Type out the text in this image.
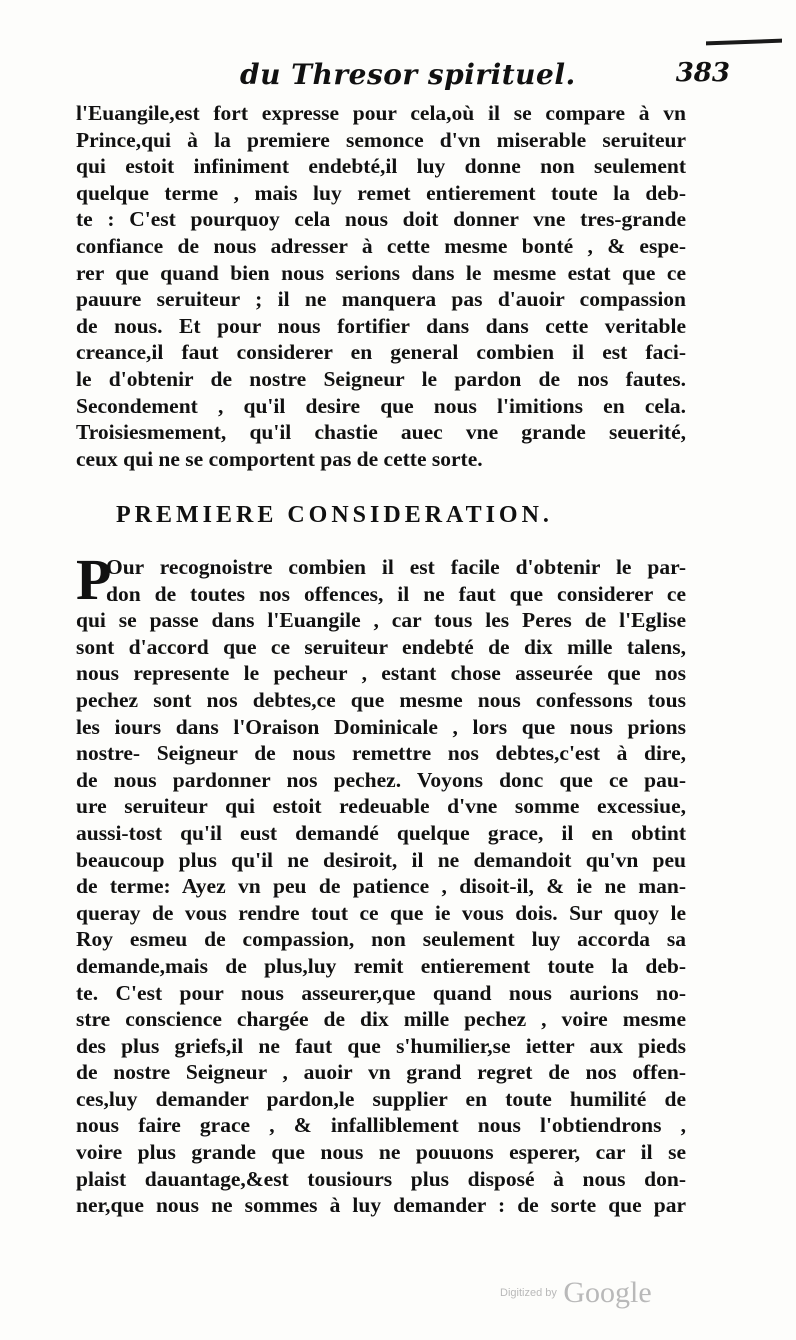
du Thresor spirituel.	383
l'Euangile,est fort expresse pour cela,où il se compare à vn
Prince,qui à la premiere semonce d'vn miserable seruiteur
qui estoit infiniment endebté,il luy donne non seulement
quelque terme , mais luy remet entierement toute la deb-
te : C'est pourquoy cela nous doit donner vne tres-grande
confiance de nous adresser à cette mesme bonté , & espe-
rer que quand bien nous serions dans le mesme estat que ce
pauure seruiteur ; il ne manquera pas d'auoir compassion
de nous. Et pour nous fortifier dans dans cette veritable
creance,il faut considerer en general combien il est faci-
le d'obtenir de nostre Seigneur le pardon de nos fautes.
Secondement , qu'il desire que nous l'imitions en cela.
Troisiesmement, qu'il chastie auec vne grande seuerité,
ceux qui ne se comportent pas de cette sorte.
PREMIERE CONSIDERATION.
P
Our recognoistre combien il est facile d'obtenir le par-
don de toutes nos offences, il ne faut que considerer ce
qui se passe dans l'Euangile , car tous les Peres de l'Eglise
sont d'accord que ce seruiteur endebté de dix mille talens,
nous represente le pecheur , estant chose asseurée que nos
pechez sont nos debtes,ce que mesme nous confessons tous
les iours dans l'Oraison Dominicale , lors que nous prions
nostre- Seigneur de nous remettre nos debtes,c'est à dire,
de nous pardonner nos pechez. Voyons donc que ce pau-
ure seruiteur qui estoit redeuable d'vne somme excessiue,
aussi-tost qu'il eust demandé quelque grace, il en obtint
beaucoup plus qu'il ne desiroit, il ne demandoit qu'vn peu
de terme: Ayez vn peu de patience , disoit-il, & ie ne man-
queray de vous rendre tout ce que ie vous dois. Sur quoy le
Roy esmeu de compassion, non seulement luy accorda sa
demande,mais de plus,luy remit entierement toute la deb-
te. C'est pour nous asseurer,que quand nous aurions no-
stre conscience chargée de dix mille pechez , voire mesme
des plus griefs,il ne faut que s'humilier,se ietter aux pieds
de nostre Seigneur , auoir vn grand regret de nos offen-
ces,luy demander pardon,le supplier en toute humilité de
nous faire grace , & infalliblement nous l'obtiendrons ,
voire plus grande que nous ne pouuons esperer, car il se
plaist dauantage,&est tousiours plus disposé à nous don-
ner,que nous ne sommes à luy demander : de sorte que par
Digitized by Google
